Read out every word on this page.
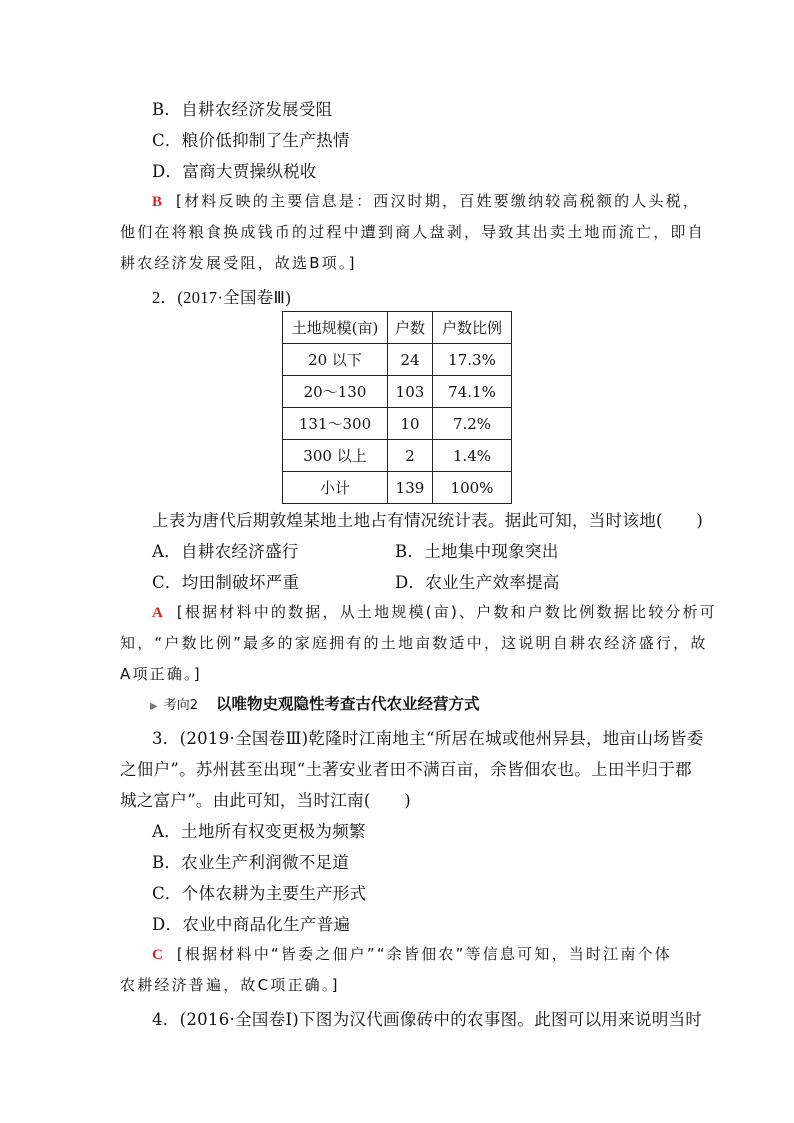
B．自耕农经济发展受阻
C．粮价低抑制了生产热情
D．富商大贾操纵税收
B [材料反映的主要信息是：西汉时期，百姓要缴纳较高税额的人头税，
他们在将粮食换成钱币的过程中遭到商人盘剥，导致其出卖土地而流亡，即自
耕农经济发展受阻，故选B项。]
2．(2017·全国卷Ⅲ)
土地规模(亩)	户数	户数比例
20 以下	24	17.3%
20～130	103	74.1%
131～300	10	7.2%
300 以上	2	1.4%
小计	139	100%
上表为唐代后期敦煌某地土地占有情况统计表。据此可知，当时该地(　　)
A．自耕农经济盛行	B．土地集中现象突出
C．均田制破坏严重	D．农业生产效率提高
A [根据材料中的数据，从土地规模(亩)、户数和户数比例数据比较分析可
知，“户数比例”最多的家庭拥有的土地亩数适中，这说明自耕农经济盛行，故
A项正确。]
▶ 考向2 以唯物史观隐性考查古代农业经营方式
3．(2019·全国卷Ⅲ)乾隆时江南地主“所居在城或他州异县，地亩山场皆委
之佃户”。苏州甚至出现“土著安业者田不满百亩，余皆佃农也。上田半归于郡
城之富户”。由此可知，当时江南(　　)
A．土地所有权变更极为频繁
B．农业生产利润微不足道
C．个体农耕为主要生产形式
D．农业中商品化生产普遍
C [根据材料中“皆委之佃户”“余皆佃农”等信息可知，当时江南个体
农耕经济普遍，故C项正确。]
4．(2016·全国卷Ⅰ)下图为汉代画像砖中的农事图。此图可以用来说明当时
